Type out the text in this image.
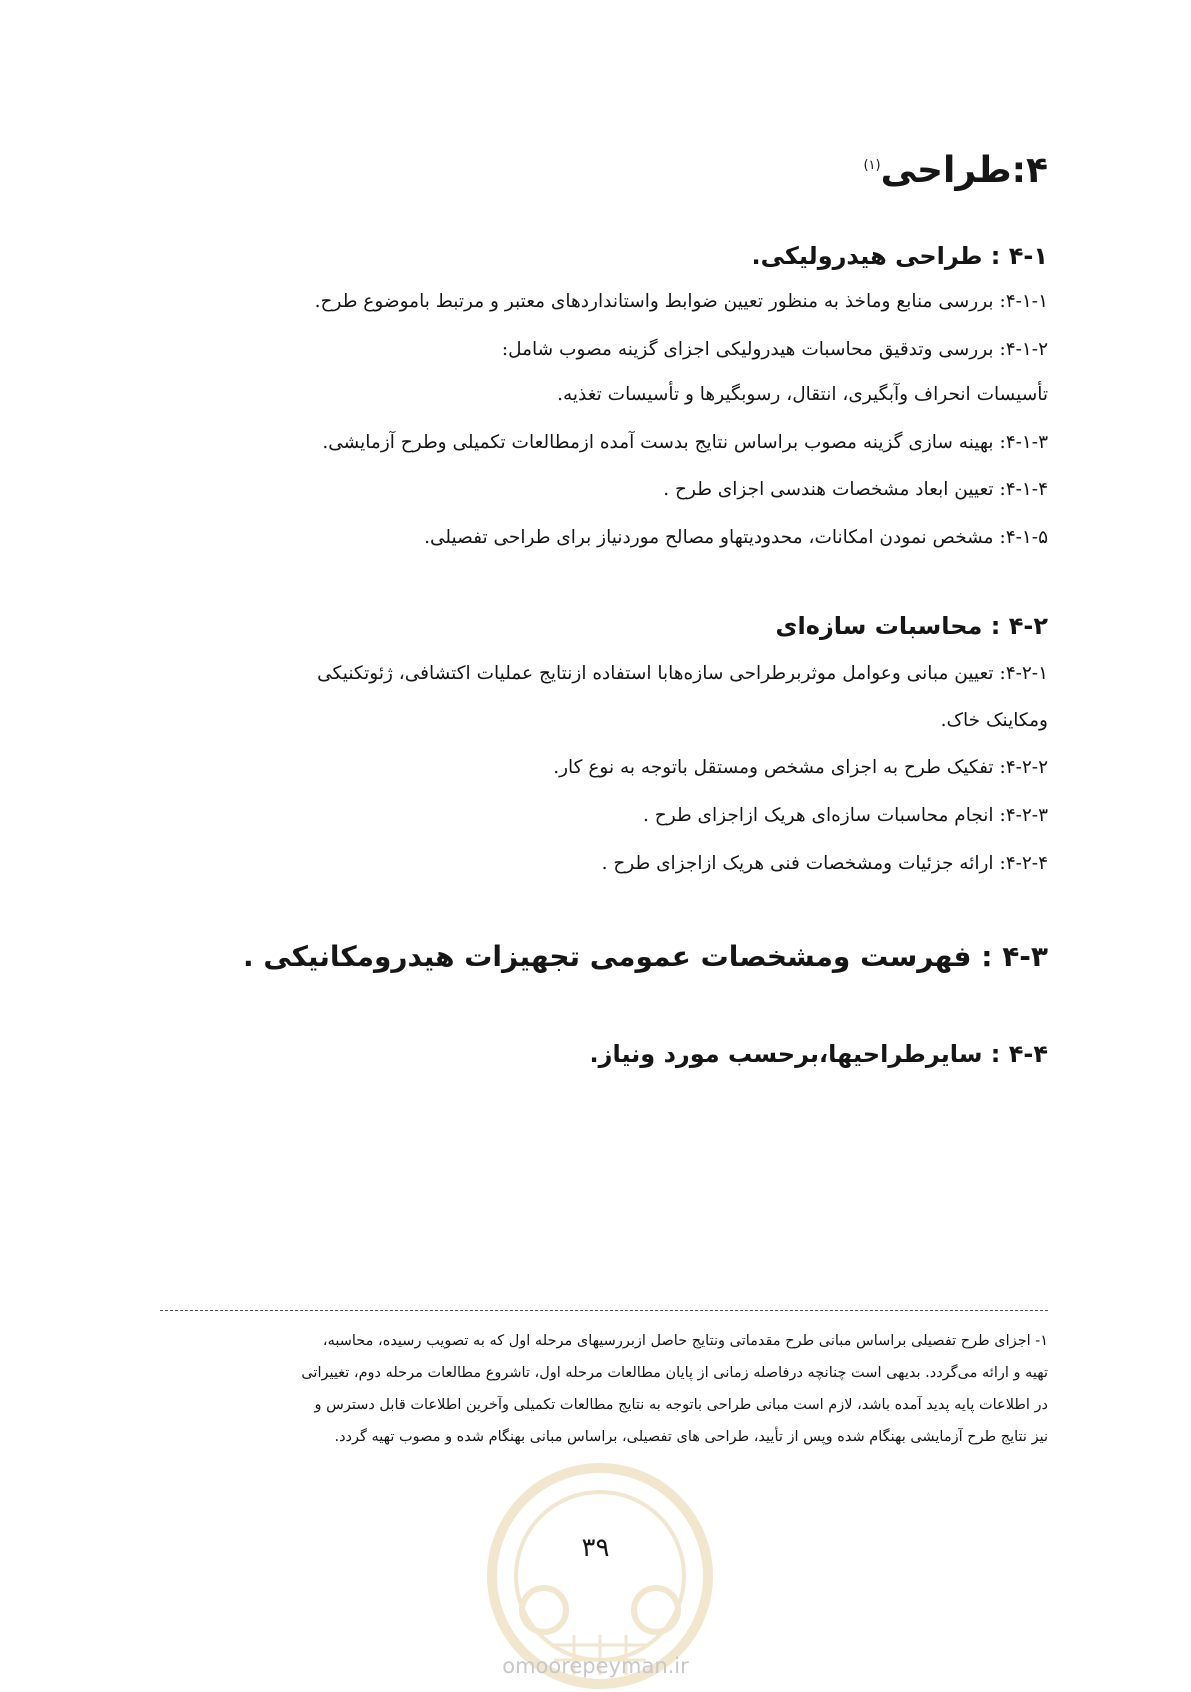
۴:طراحی$^{(۱)}$
۴-۱ : طراحی هیدرولیکی.
۴-۱-۱: بررسی منابع وماخذ به منظور تعیین ضوابط واستانداردهای معتبر و مرتبط باموضوع طرح.
۴-۱-۲: بررسی وتدقیق محاسبات هیدرولیکی اجزای گزینه مصوب شامل:
تأسیسات انحراف وآبگیری، انتقال، رسوبگیرها و تأسیسات تغذیه.
۴-۱-۳: بهینه سازی گزینه مصوب براساس نتایج بدست آمده ازمطالعات تکمیلی وطرح آزمایشی.
۴-۱-۴: تعیین ابعاد مشخصات هندسی اجزای طرح .
۴-۱-۵: مشخص نمودن امکانات، محدودیتهاو مصالح موردنیاز برای طراحی تفصیلی.
۴-۲ : محاسبات سازه‌ای
۴-۲-۱: تعیین مبانی وعوامل موثربرطراحی سازه‌هابا استفاده ازنتایج عملیات اکتشافی، ژئوتکنیکی
ومکاینک خاک.
۴-۲-۲: تفکیک طرح به اجزای مشخص ومستقل باتوجه به نوع کار.
۴-۲-۳: انجام محاسبات سازه‌ای هریک ازاجزای طرح .
۴-۲-۴: ارائه جزئیات ومشخصات فنی هریک ازاجزای طرح .
۴-۳ : فهرست ومشخصات عمومی تجهیزات هیدرومکانیکی .
۴-۴ : سایرطراحیها،برحسب مورد ونیاز.
۱- اجزای طرح تفصیلی براساس مبانی طرح مقدماتی ونتایج حاصل ازبررسیهای مرحله اول که به تصویب رسیده، محاسبه،
تهیه و ارائه می‌گردد. بدیهی است چنانچه درفاصله زمانی از پایان مطالعات مرحله اول، تاشروع مطالعات مرحله دوم، تغییراتی
در اطلاعات پایه پدید آمده باشد، لازم است مبانی طراحی باتوجه به نتایج مطالعات تکمیلی وآخرین اطلاعات قابل دسترس و
نیز نتایج طرح آزمایشی بهنگام شده وپس از تأیید، طراحی های تفصیلی، براساس مبانی بهنگام شده و مصوب تهیه گردد.
۳۹
omoorepeyman.ir
